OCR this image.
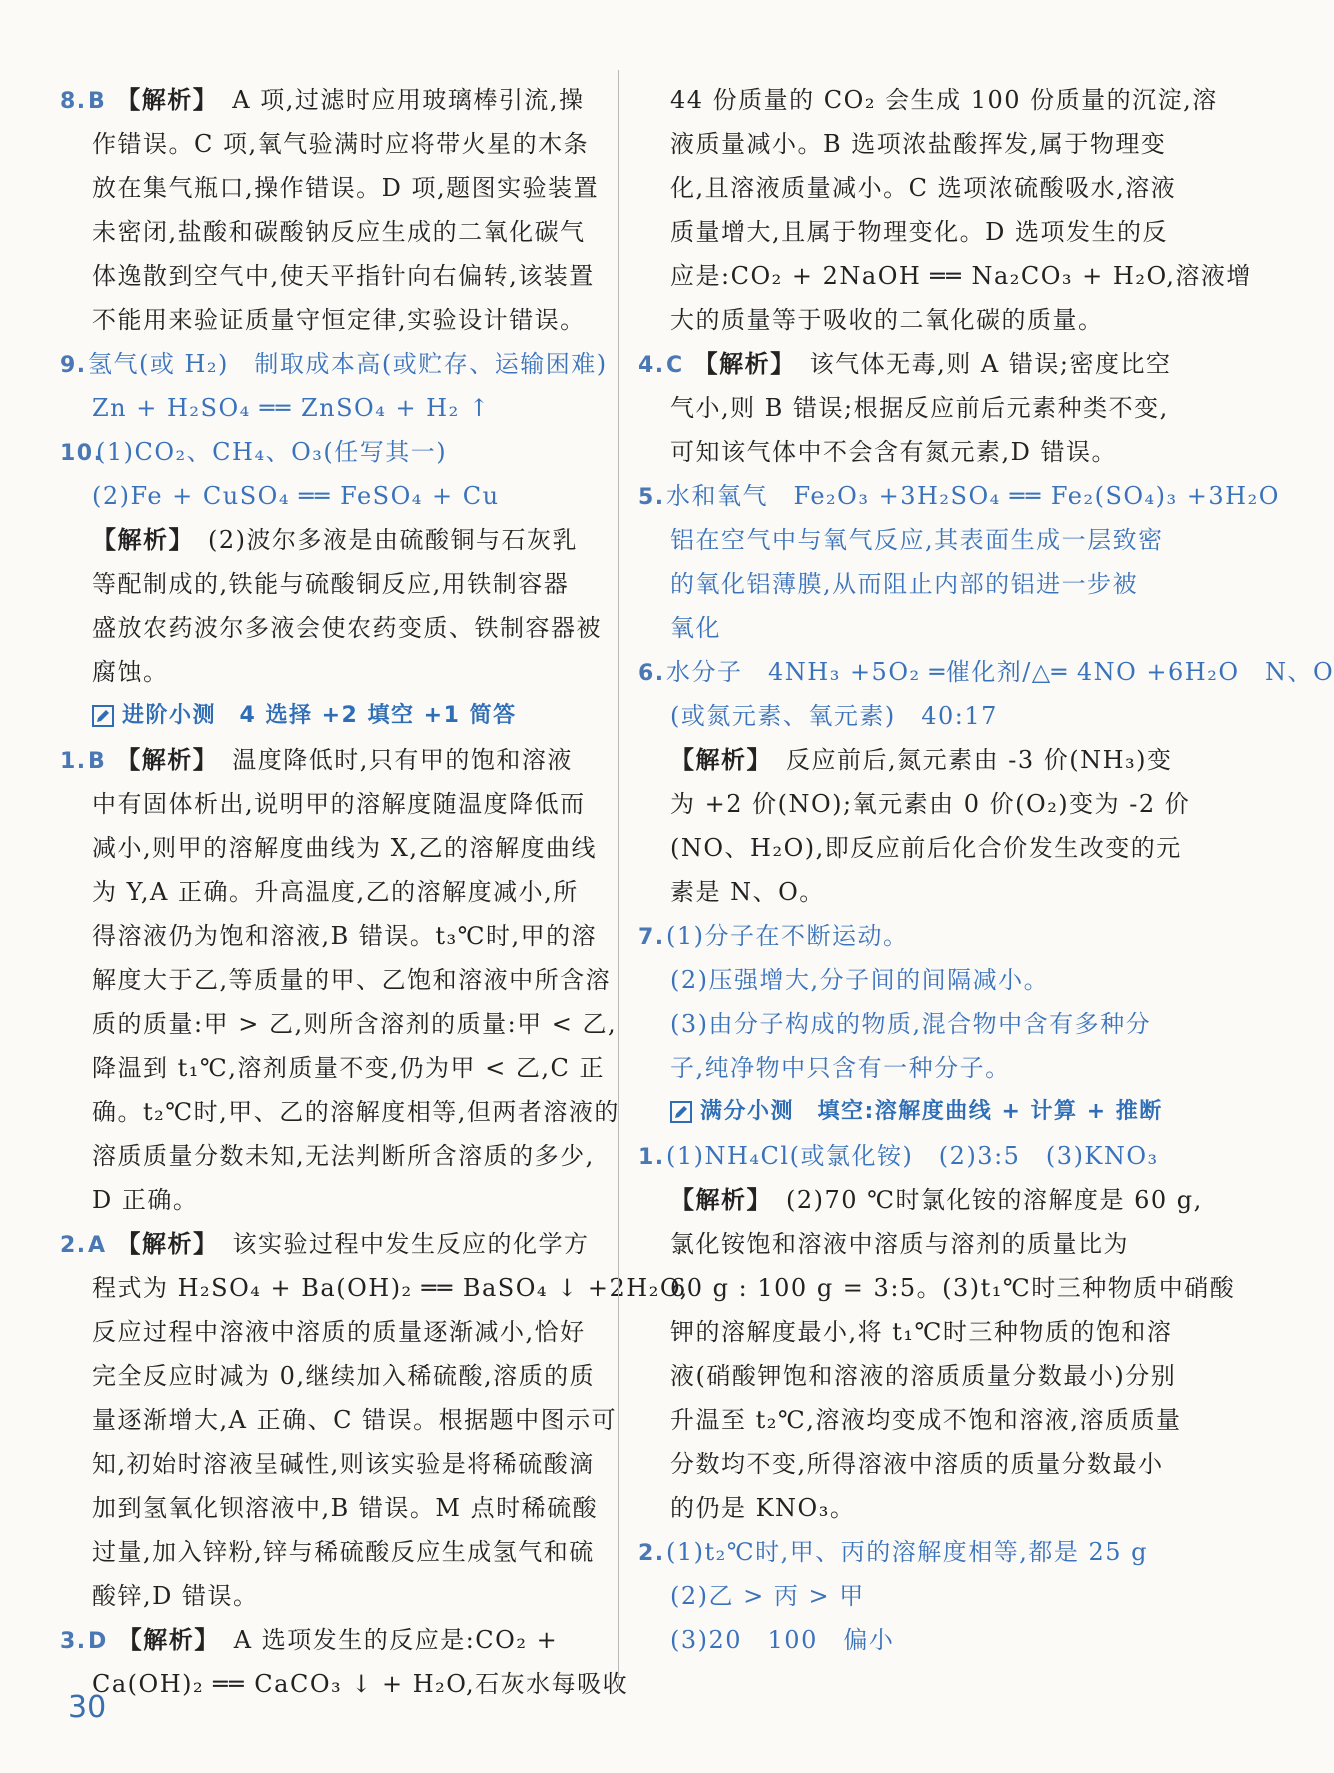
8.B 【解析】 A 项,过滤时应用玻璃棒引流,操
作错误。C 项,氧气验满时应将带火星的木条
放在集气瓶口,操作错误。D 项,题图实验装置
未密闭,盐酸和碳酸钠反应生成的二氧化碳气
体逸散到空气中,使天平指针向右偏转,该装置
不能用来验证质量守恒定律,实验设计错误。
9.氢气(或 H₂)　制取成本高(或贮存、运输困难)
Zn + H₂SO₄ ══ ZnSO₄ + H₂ ↑
10.(1)CO₂、CH₄、O₃(任写其一)
(2)Fe + CuSO₄ ══ FeSO₄ + Cu
【解析】 (2)波尔多液是由硫酸铜与石灰乳
等配制成的,铁能与硫酸铜反应,用铁制容器
盛放农药波尔多液会使农药变质、铁制容器被
腐蚀。
进阶小测　4 选择 +2 填空 +1 简答
1.B 【解析】 温度降低时,只有甲的饱和溶液
中有固体析出,说明甲的溶解度随温度降低而
减小,则甲的溶解度曲线为 X,乙的溶解度曲线
为 Y,A 正确。升高温度,乙的溶解度减小,所
得溶液仍为饱和溶液,B 错误。t₃℃时,甲的溶
解度大于乙,等质量的甲、乙饱和溶液中所含溶
质的质量:甲 > 乙,则所含溶剂的质量:甲 < 乙,
降温到 t₁℃,溶剂质量不变,仍为甲 < 乙,C 正
确。t₂℃时,甲、乙的溶解度相等,但两者溶液的
溶质质量分数未知,无法判断所含溶质的多少,
D 正确。
2.A 【解析】 该实验过程中发生反应的化学方
程式为 H₂SO₄ + Ba(OH)₂ ══ BaSO₄ ↓ +2H₂O,
反应过程中溶液中溶质的质量逐渐减小,恰好
完全反应时减为 0,继续加入稀硫酸,溶质的质
量逐渐增大,A 正确、C 错误。根据题中图示可
知,初始时溶液呈碱性,则该实验是将稀硫酸滴
加到氢氧化钡溶液中,B 错误。M 点时稀硫酸
过量,加入锌粉,锌与稀硫酸反应生成氢气和硫
酸锌,D 错误。
3.D 【解析】 A 选项发生的反应是:CO₂ +
Ca(OH)₂ ══ CaCO₃ ↓ + H₂O,石灰水每吸收
44 份质量的 CO₂ 会生成 100 份质量的沉淀,溶
液质量减小。B 选项浓盐酸挥发,属于物理变
化,且溶液质量减小。C 选项浓硫酸吸水,溶液
质量增大,且属于物理变化。D 选项发生的反
应是:CO₂ + 2NaOH ══ Na₂CO₃ + H₂O,溶液增
大的质量等于吸收的二氧化碳的质量。
4.C 【解析】 该气体无毒,则 A 错误;密度比空
气小,则 B 错误;根据反应前后元素种类不变,
可知该气体中不会含有氮元素,D 错误。
5.水和氧气　Fe₂O₃ +3H₂SO₄ ══ Fe₂(SO₄)₃ +3H₂O
铝在空气中与氧气反应,其表面生成一层致密
的氧化铝薄膜,从而阻止内部的铝进一步被
氧化
6.水分子　4NH₃ +5O₂ ═催化剂/△═ 4NO +6H₂O　N、O
(或氮元素、氧元素)　40:17
【解析】 反应前后,氮元素由 -3 价(NH₃)变
为 +2 价(NO);氧元素由 0 价(O₂)变为 -2 价
(NO、H₂O),即反应前后化合价发生改变的元
素是 N、O。
7.(1)分子在不断运动。
(2)压强增大,分子间的间隔减小。
(3)由分子构成的物质,混合物中含有多种分
子,纯净物中只含有一种分子。
满分小测　填空:溶解度曲线 + 计算 + 推断
1.(1)NH₄Cl(或氯化铵)　(2)3:5　(3)KNO₃
【解析】 (2)70 ℃时氯化铵的溶解度是 60 g,
氯化铵饱和溶液中溶质与溶剂的质量比为
60 g : 100 g = 3:5。(3)t₁℃时三种物质中硝酸
钾的溶解度最小,将 t₁℃时三种物质的饱和溶
液(硝酸钾饱和溶液的溶质质量分数最小)分别
升温至 t₂℃,溶液均变成不饱和溶液,溶质质量
分数均不变,所得溶液中溶质的质量分数最小
的仍是 KNO₃。
2.(1)t₂℃时,甲、丙的溶解度相等,都是 25 g
(2)乙 > 丙 > 甲
(3)20　100　偏小
30
